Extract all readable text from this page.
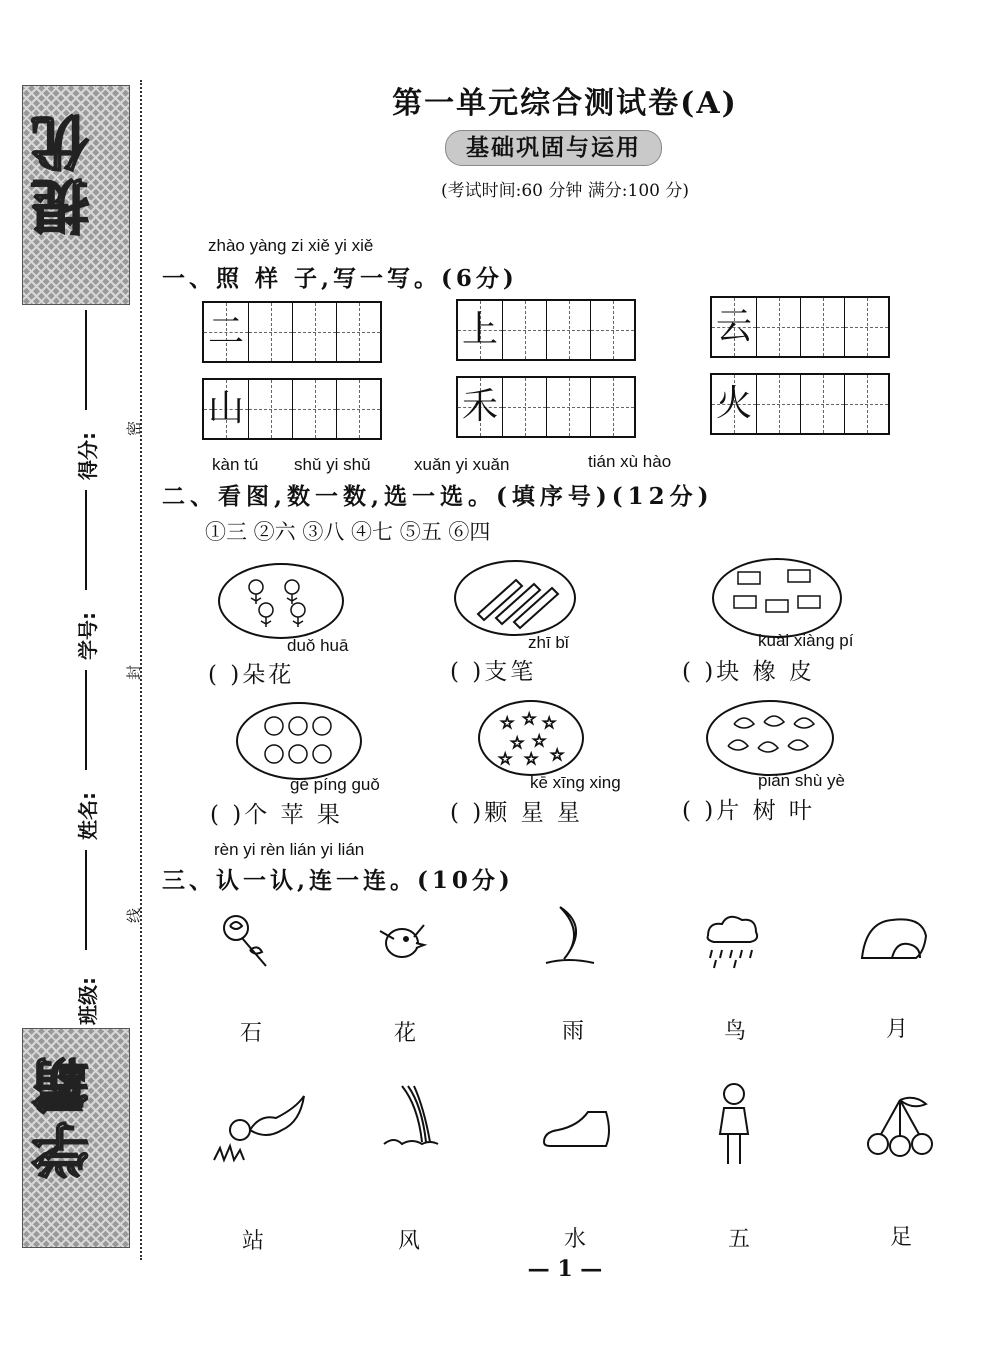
提优
学霸
得分:
学号:
姓名:
班级:
密
封
线
第一单元综合测试卷(A)
基础巩固与运用
(考试时间:60 分钟 满分:100 分)
zhào yàng zi xiě yi xiě
一、照 样 子,写一写。(6分)
二	上	云
山	禾	火
kàn tú shǔ yi shǔ	xuǎn yi xuǎn	tián xù hào
二、看图,数一数,选一选。(填序号)(12分)
①三 ②六 ③八 ④七 ⑤五 ⑥四
duǒ huā	zhī bǐ	kuài xiàng pí
( )朵花	( )支笔	( )块 橡 皮
☆ ☆ ☆
☆ ☆
☆ ☆ ☆
gè píng guǒ	kē xīng xing	piàn shù yè
( )个 苹 果	( )颗 星 星	( )片 树 叶
rèn yi rèn lián yi lián
三、认一认,连一连。(10分)
石	花	雨	鸟	月
站	风	水	五	足
— 1 —
